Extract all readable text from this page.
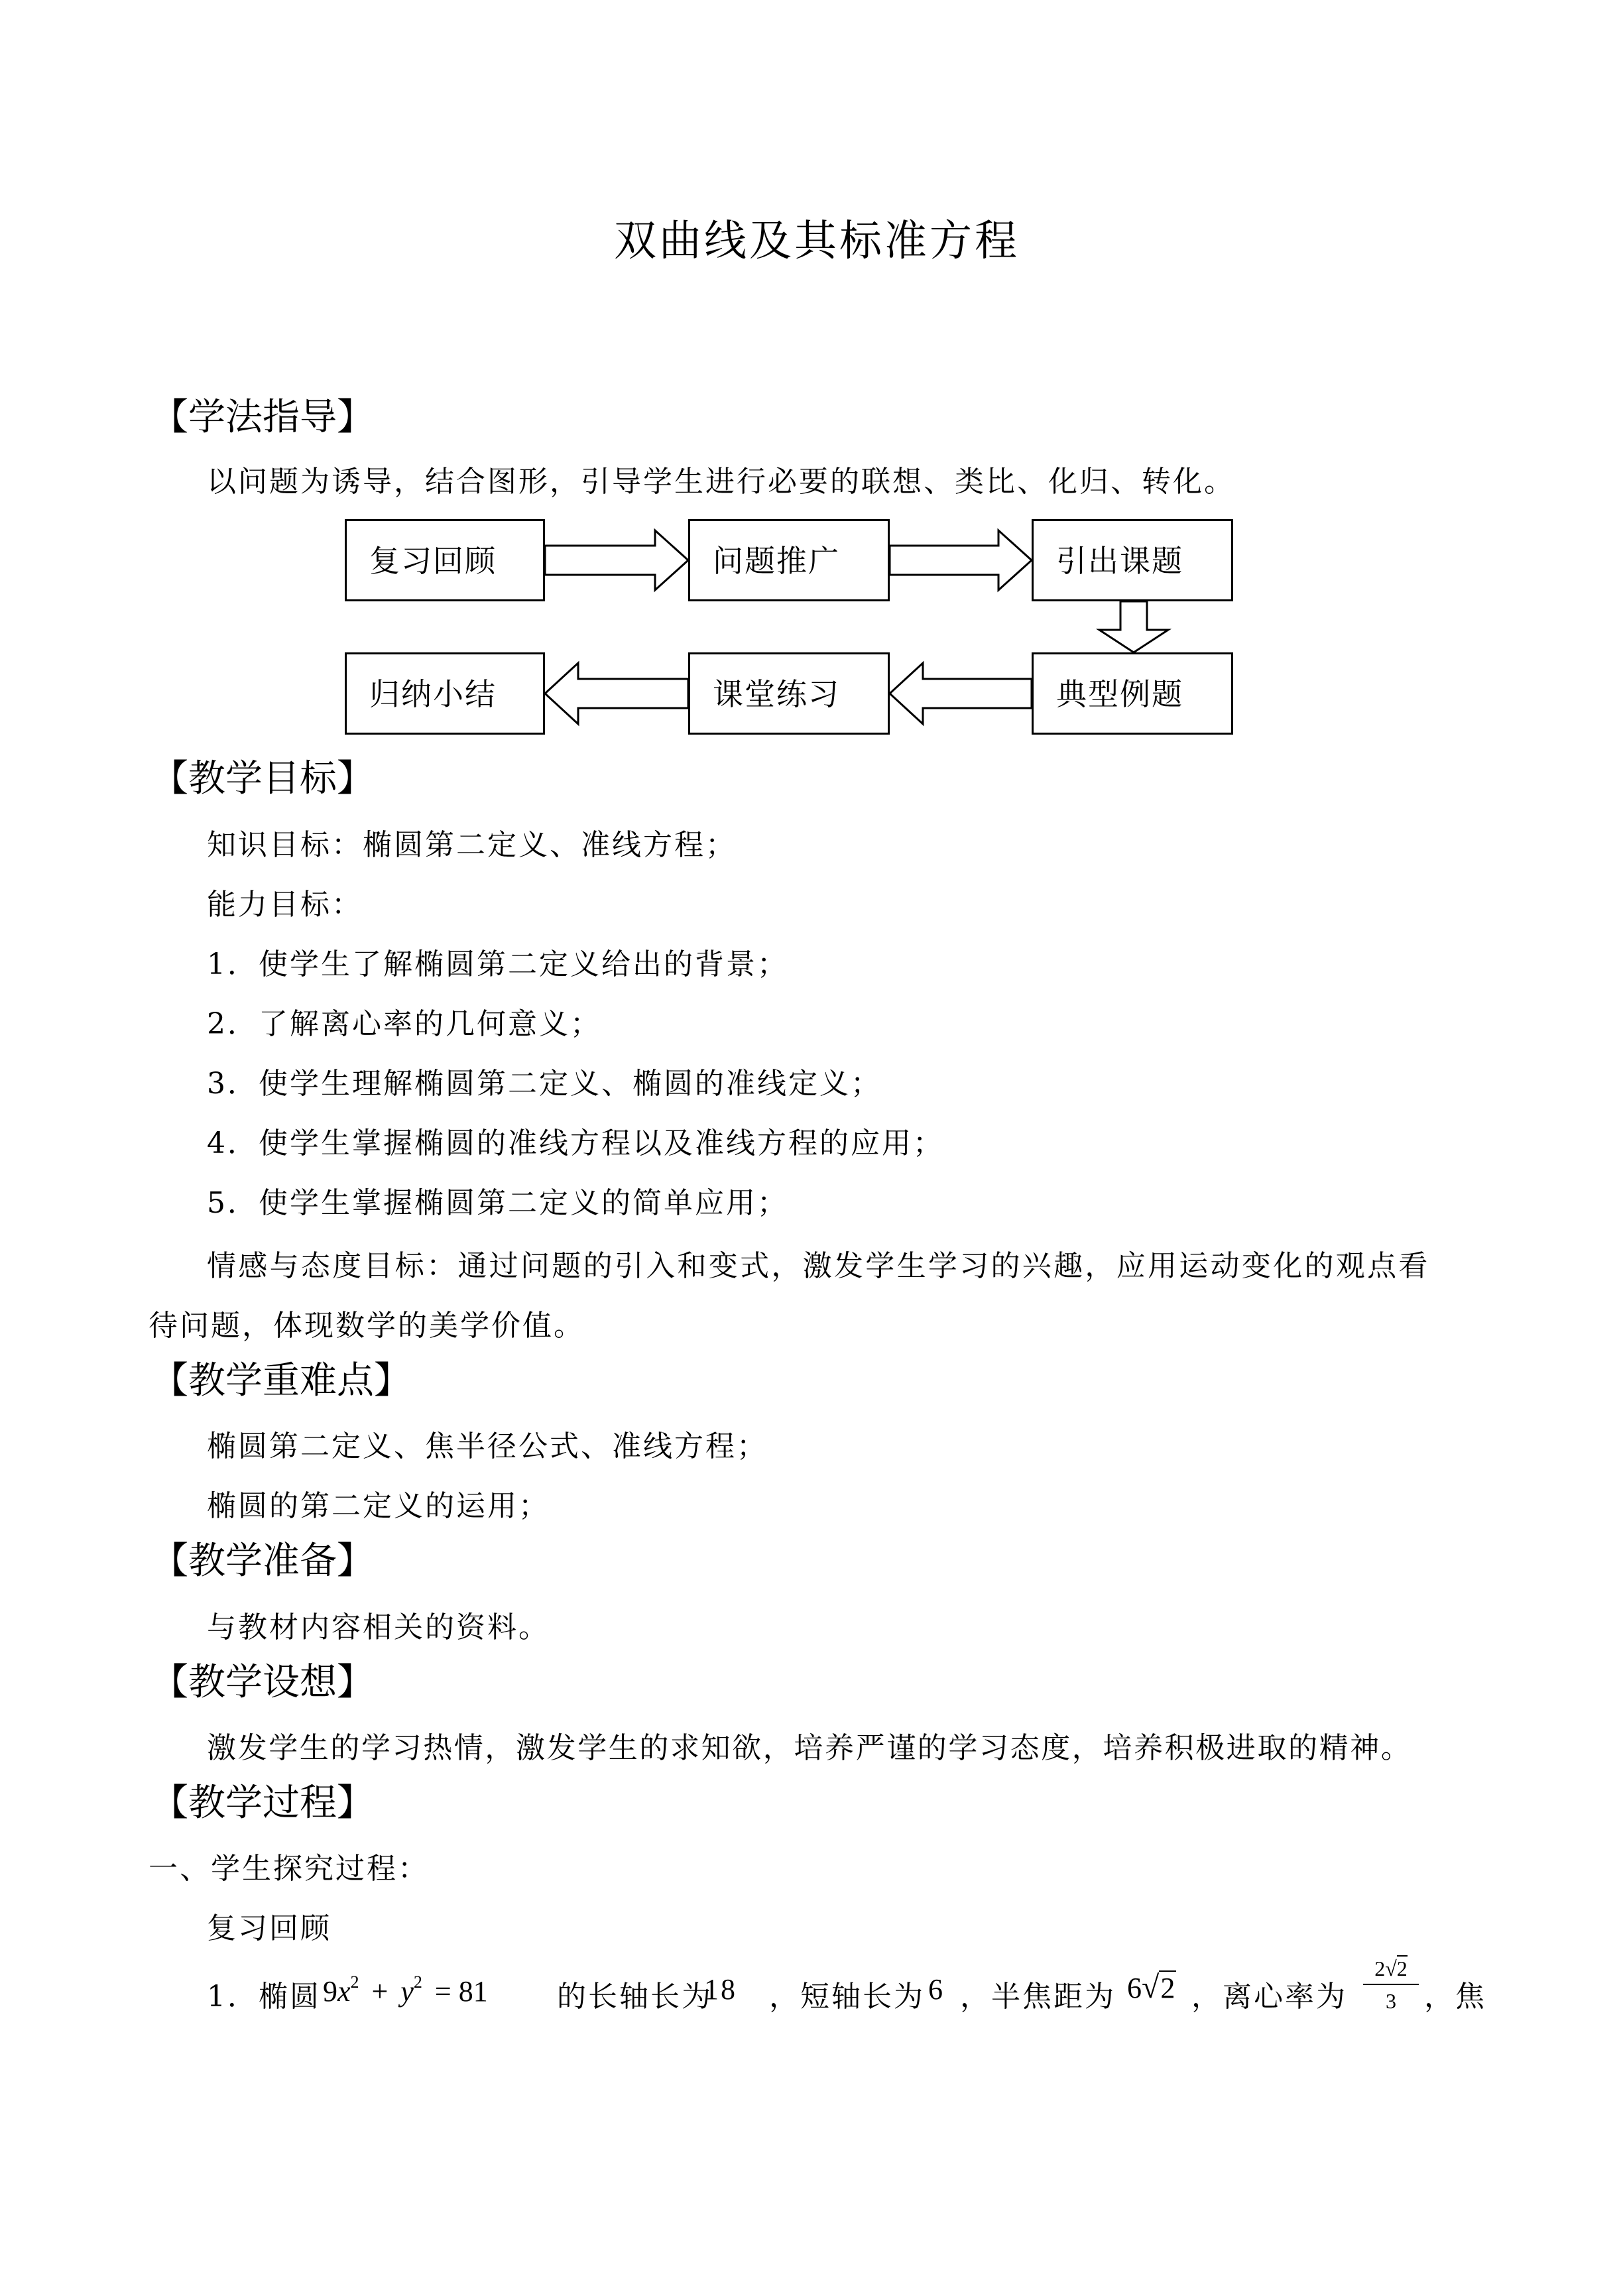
双曲线及其标准方程
【学法指导】
以问题为诱导，结合图形，引导学生进行必要的联想、类比、化归、转化。
复习回顾	问题推广	引出课题
归纳小结	课堂练习	典型例题
【教学目标】
知识目标：椭圆第二定义、准线方程；
能力目标：
1．使学生了解椭圆第二定义给出的背景；
2．了解离心率的几何意义；
3．使学生理解椭圆第二定义、椭圆的准线定义；
4．使学生掌握椭圆的准线方程以及准线方程的应用；
5．使学生掌握椭圆第二定义的简单应用；
情感与态度目标：通过问题的引入和变式，激发学生学习的兴趣，应用运动变化的观点看
待问题，体现数学的美学价值。
【教学重难点】
椭圆第二定义、焦半径公式、准线方程；
椭圆的第二定义的运用；
【教学准备】
与教材内容相关的资料。
【教学设想】
激发学生的学习热情，激发学生的求知欲，培养严谨的学习态度，培养积极进取的精神。
【教学过程】
一、学生探究过程：
复习回顾
1．椭圆 $9x^2 + y^2 = 81$ 的长轴长为
18 ，短轴长为 6 ，半焦距为 6√2 ，离心率为 $\frac{2√2}{3}$ ，焦
